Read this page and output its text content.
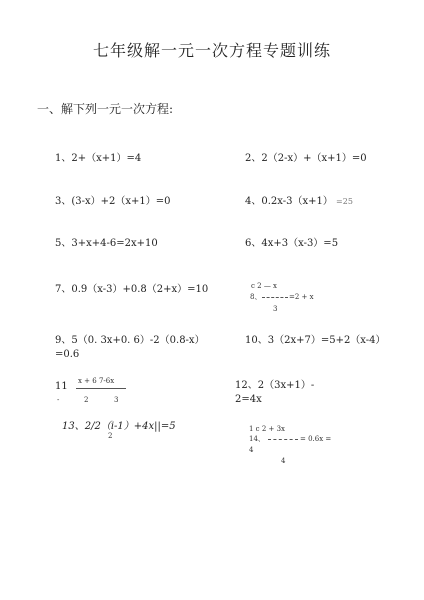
七年级解一元一次方程专题训练
一、解下列一元一次方程:
1、2+（x+1）=4	2、2（2-x）+（x+1）=0
3、(3-x）+2（x+1）=0	4、0.2x-3（x+1） =25
5、3+x+4-6=2x+10	6、4x+3（x-3）=5
7、0.9（x-3）+0.8（2+x）=10	c 2 — x
8、	=2 + x
3
9、5（0. 3x+0. 6）-2（0.8-x）
=0.6
10、3（2x+7）=5+2（x-4）
11 x + 6 7-6x
2	3
-
12、2（3x+1）-
2=4x
13、2/2（i-1）+4x||=5
2
1 c 2 + 3x
14、	= 0.6x =
4
4
